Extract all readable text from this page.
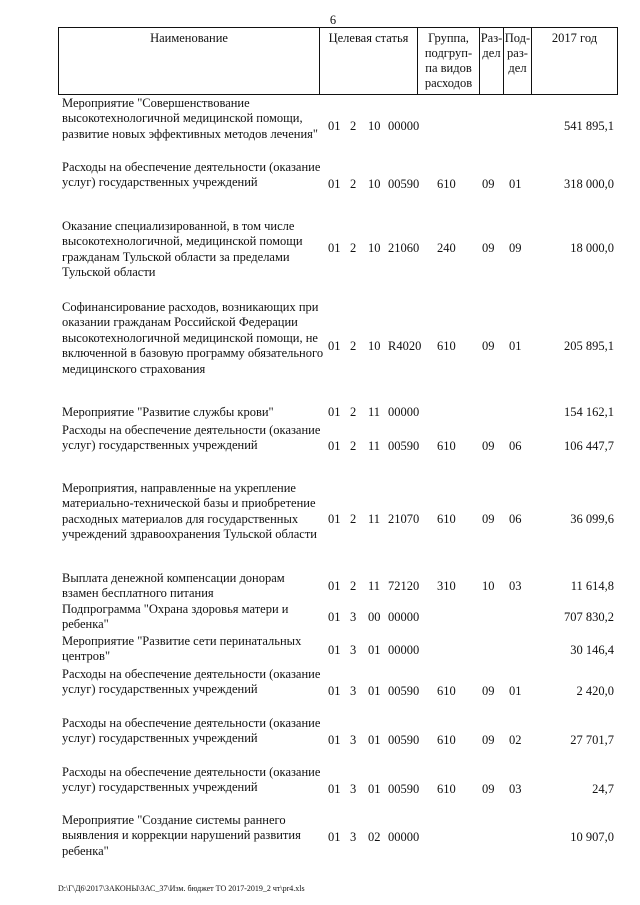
6
Наименование	Целевая статья	Группа,
подгруп-
па видов
расходов
Раз-
дел
Под-
раз-
дел
2017 год
Мероприятие "Совершенствование высокотехнологичной медицинской помощи, развитие новых эффективных методов лечения"
01 2 10 00000	541 895,1
Расходы на обеспечение деятельности (оказание услуг) государственных учреждений	01 2 10 00590 610 09 01	318 000,0
Оказание специализированной, в том числе высокотехнологичной, медицинской помощи гражданам Тульской области за пределами Тульской области
01 2 10 21060 240 09 09	18 000,0
Софинансирование расходов, возникающих при оказании гражданам Российской Федерации высокотехнологичной медицинской помощи, не включенной в базовую программу обязательного медицинского страхования
01 2 10 R4020 610 09 01	205 895,1
Мероприятие "Развитие службы крови"	01 2 11 00000	154 162,1
Расходы на обеспечение деятельности (оказание услуг) государственных учреждений	01 2 11 00590 610 09 06	106 447,7
Мероприятия, направленные на укрепление материально-технической базы и приобретение расходных материалов для государственных учреждений здравоохранения Тульской области
01 2 11 21070 610 09 06	36 099,6
Выплата денежной компенсации донорам взамен бесплатного питания
01 2 11 72120 310 10 03	11 614,8
Подпрограмма "Охрана здоровья матери и ребенка"
01 3 00 00000	707 830,2
Мероприятие "Развитие сети перинатальных центров"	01 3 01 00000	30 146,4
Расходы на обеспечение деятельности (оказание услуг) государственных учреждений	01 3 01 00590 610 09 01	2 420,0
Расходы на обеспечение деятельности (оказание услуг) государственных учреждений	01 3 01 00590 610 09 02	27 701,7
Расходы на обеспечение деятельности (оказание услуг) государственных учреждений	01 3 01 00590 610 09 03	24,7
Мероприятие "Создание системы раннего выявления и коррекции нарушений развития ребенка"
01 3 02 00000	10 907,0
D:\Г\Д6\2017\ЗАКОНЫ\ЗАС_37\Изм. бюджет ТО 2017-2019_2 чт\pr4.xls
